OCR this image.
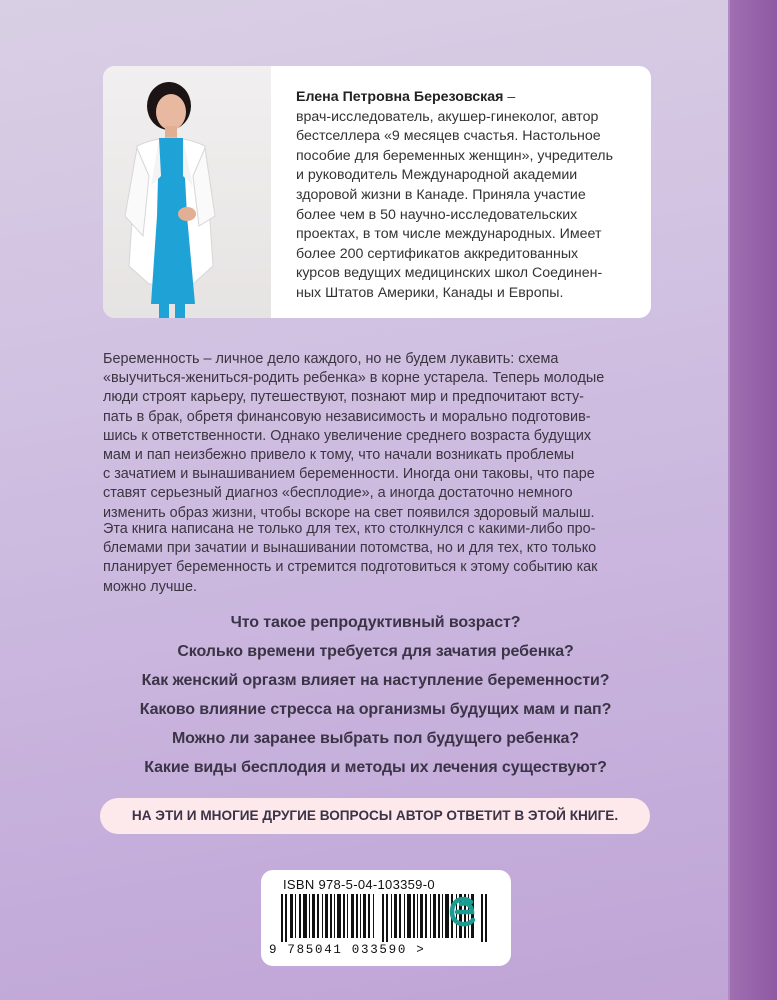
Елена Петровна Березовская –
врач-исследователь, акушер-гинеколог, автор
бестселлера «9 месяцев счастья. Настольное
пособие для беременных женщин», учредитель
и руководитель Международной академии
здоровой жизни в Канаде. Приняла участие
более чем в 50 научно-исследовательских
проектах, в том числе международных. Имеет
более 200 сертификатов аккредитованных
курсов ведущих медицинских школ Соединен-
ных Штатов Америки, Канады и Европы.
Беременность – личное дело каждого, но не будем лукавить: схема
«выучиться-жениться-родить ребенка» в корне устарела. Теперь молодые
люди строят карьеру, путешествуют, познают мир и предпочитают всту-
пать в брак, обретя финансовую независимость и морально подготовив-
шись к ответственности. Однако увеличение среднего возраста будущих
мам и пап неизбежно привело к тому, что начали возникать проблемы
с зачатием и вынашиванием беременности. Иногда они таковы, что паре
ставят серьезный диагноз «бесплодие», а иногда достаточно немного
изменить образ жизни, чтобы вскоре на свет появился здоровый малыш.
Эта книга написана не только для тех, кто столкнулся с какими-либо про-
блемами при зачатии и вынашивании потомства, но и для тех, кто только
планирует беременность и стремится подготовиться к этому событию как
можно лучше.
Что такое репродуктивный возраст?
Сколько времени требуется для зачатия ребенка?
Как женский оргазм влияет на наступление беременности?
Каково влияние стресса на организмы будущих мам и пап?
Можно ли заранее выбрать пол будущего ребенка?
Какие виды бесплодия и методы их лечения существуют?
НА ЭТИ И МНОГИЕ ДРУГИЕ ВОПРОСЫ АВТОР ОТВЕТИТ В ЭТОЙ КНИГЕ.
ISBN 978-5-04-103359-0
9 785041 033590 >
